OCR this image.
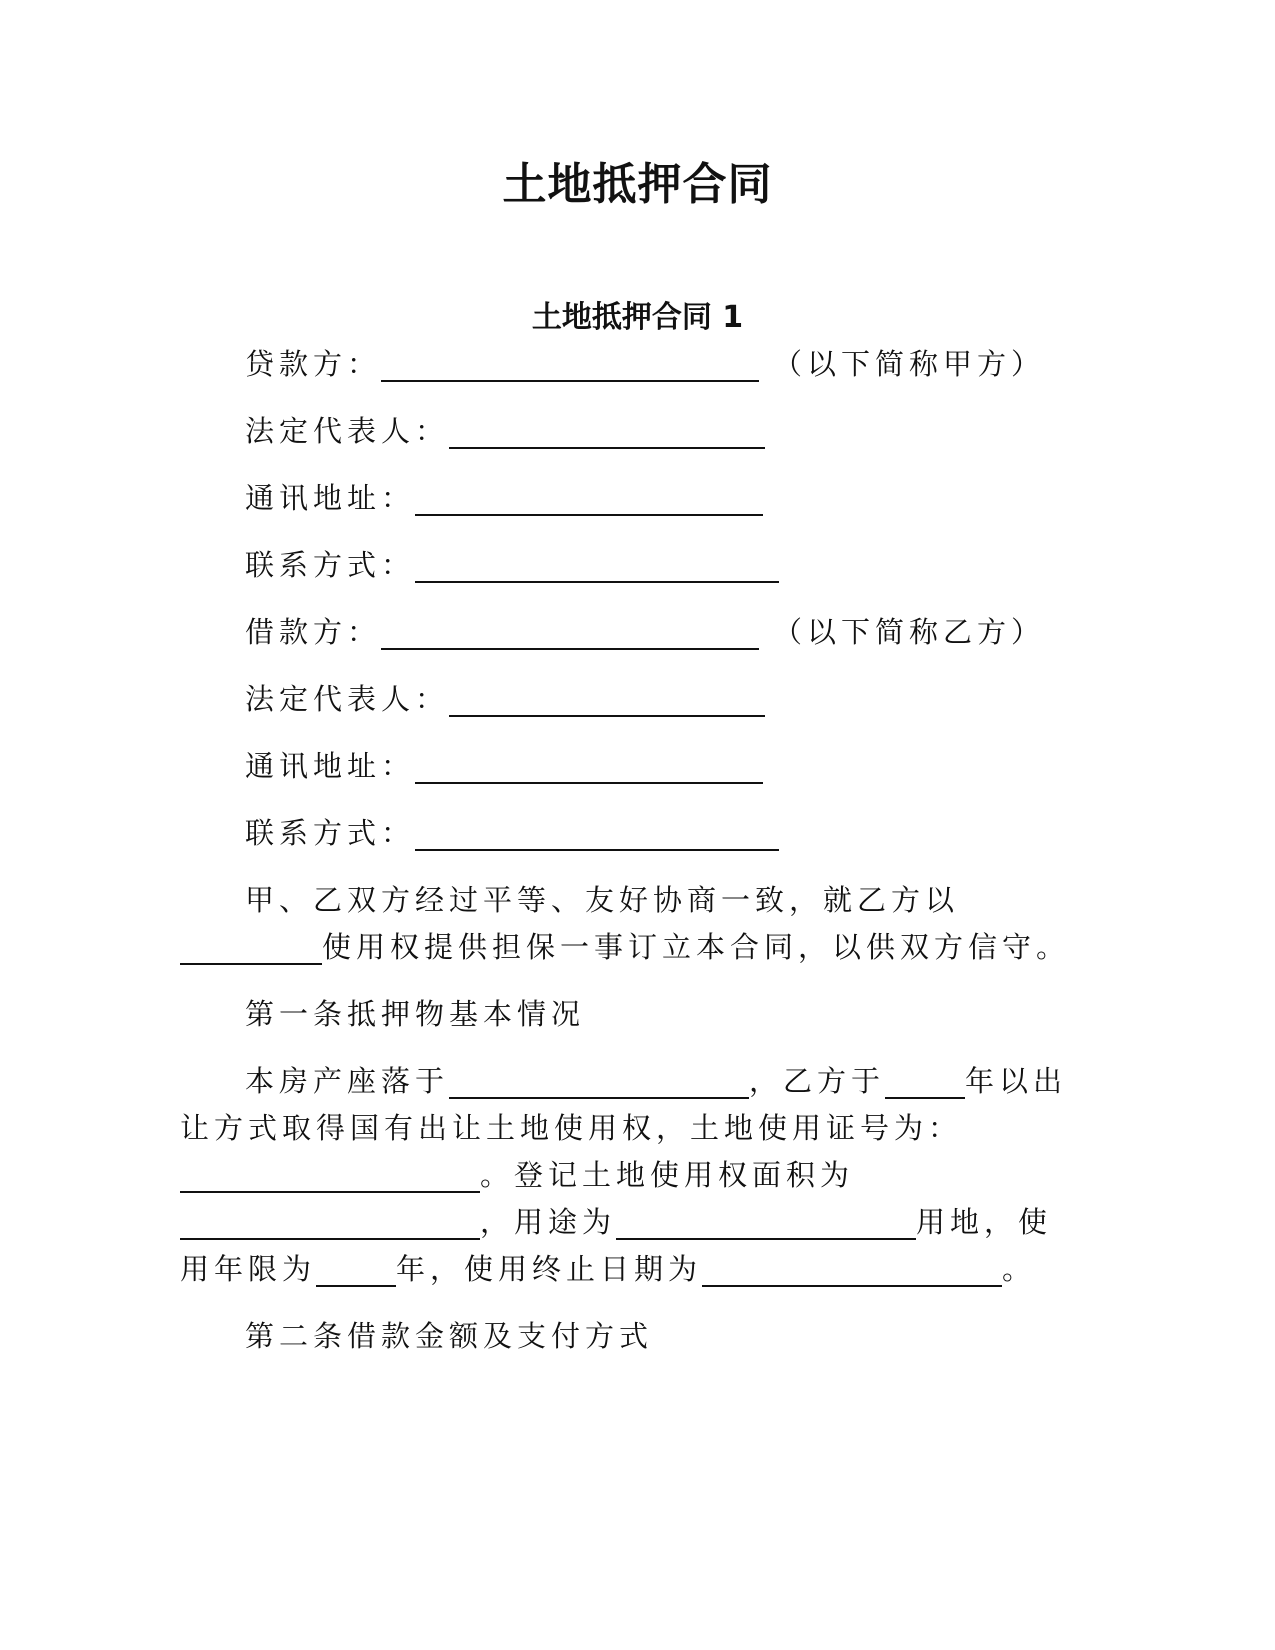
土地抵押合同
土地抵押合同 1
贷款方：	（以下简称甲方）
法定代表人：
通讯地址：
联系方式：
借款方：	（以下简称乙方）
法定代表人：
通讯地址：
联系方式：
甲、乙双方经过平等、友好协商一致，就乙方以
使用权提供担保一事订立本合同，以供双方信守。
第一条抵押物基本情况
本房产座落于	，乙方于	年以出
让方式取得国有出让土地使用权，土地使用证号为：
。登记土地使用权面积为
，用途为	用地，使
用年限为	年，使用终止日期为	。
第二条借款金额及支付方式
